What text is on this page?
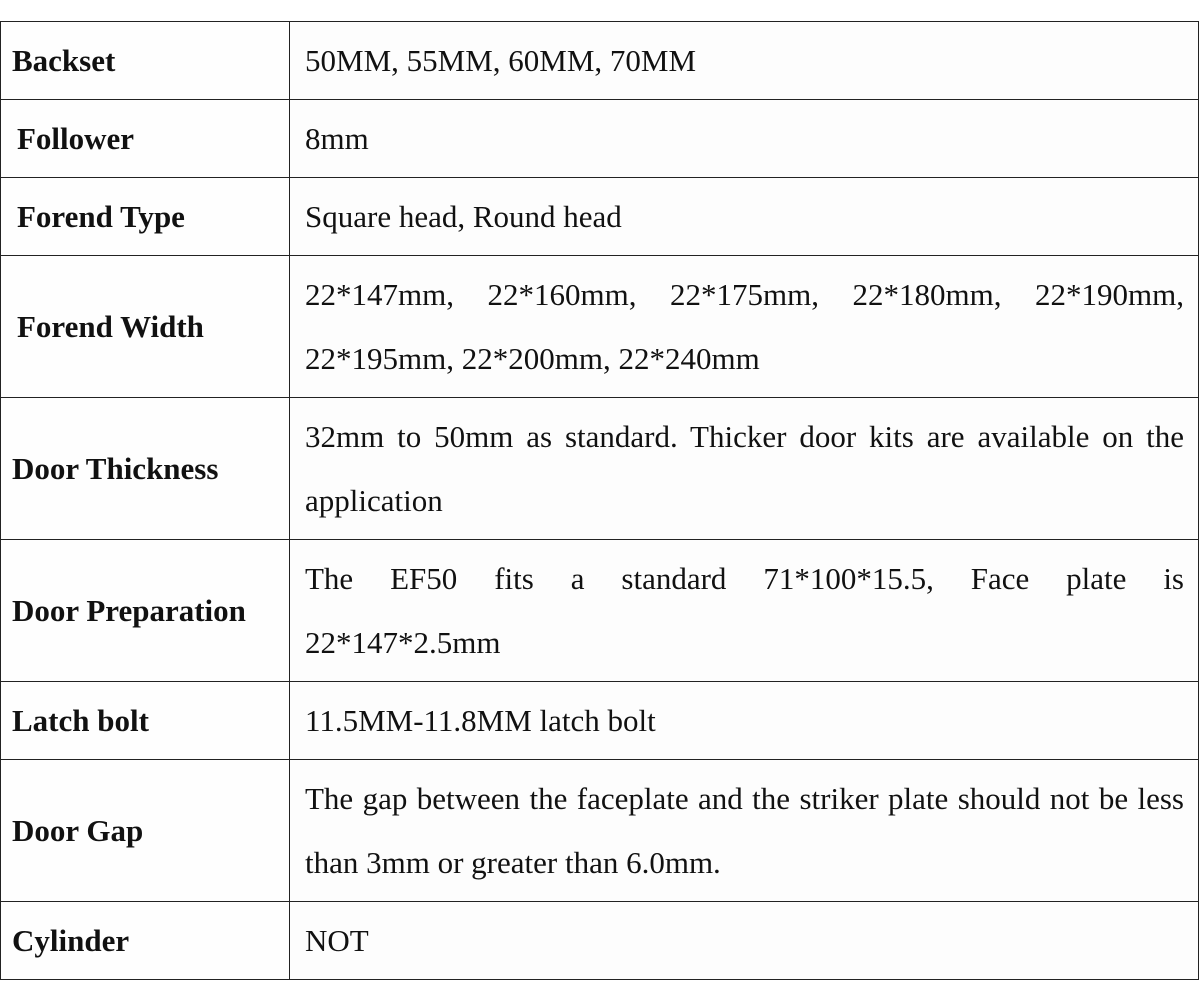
Backset	50MM, 55MM, 60MM, 70MM
Follower	8mm
Forend Type	Square head, Round head
Forend Width	22*147mm, 22*160mm, 22*175mm, 22*180mm, 22*190mm,
22*195mm, 22*200mm, 22*240mm

Door Thickness	32mm to 50mm as standard. Thicker door kits are available on the application
Door Preparation	The EF50 fits a standard 71*100*15.5, Face plate is
22*147*2.5mm

Latch bolt	11.5MM-11.8MM latch bolt
Door Gap	The gap between the faceplate and the striker plate should not be less than 3mm or greater than 6.0mm.
Cylinder	NOT
